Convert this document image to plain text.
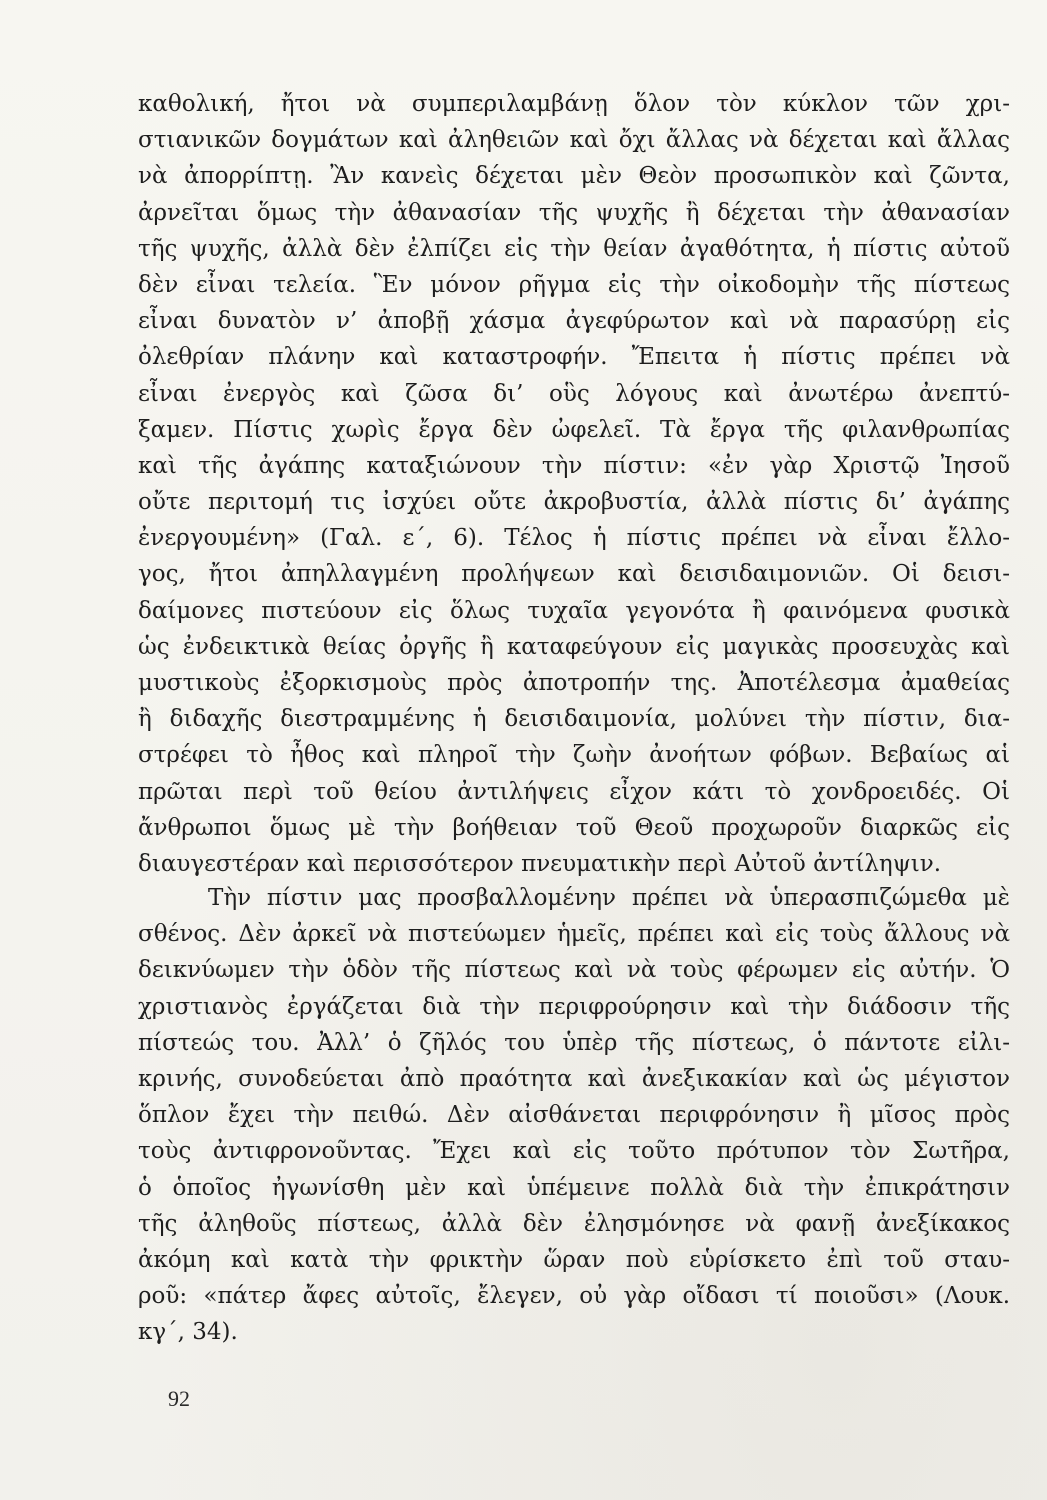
καθολική, ἤτοι νὰ συμπεριλαμβάνῃ ὅλον τὸν κύκλον τῶν χρι-
στιανικῶν δογμάτων καὶ ἀληθειῶν καὶ ὄχι ἄλλας νὰ δέχεται καὶ ἄλλας
νὰ ἀπορρίπτῃ. Ἂν κανεὶς δέχεται μὲν Θεὸν προσωπικὸν καὶ ζῶντα,
ἀρνεῖται ὅμως τὴν ἀθανασίαν τῆς ψυχῆς ἢ δέχεται τὴν ἀθανασίαν
τῆς ψυχῆς, ἀλλὰ δὲν ἐλπίζει εἰς τὴν θείαν ἀγαθότητα, ἡ πίστις αὐτοῦ
δὲν εἶναι τελεία. Ἓν μόνον ρῆγμα εἰς τὴν οἰκοδομὴν τῆς πίστεως
εἶναι δυνατὸν ν’ ἀποβῇ χάσμα ἀγεφύρωτον καὶ νὰ παρασύρῃ εἰς
ὀλεθρίαν πλάνην καὶ καταστροφήν. Ἔπειτα ἡ πίστις πρέπει νὰ
εἶναι ἐνεργὸς καὶ ζῶσα δι’ οὓς λόγους καὶ ἀνωτέρω ἀνεπτύ-
ξαμεν. Πίστις χωρὶς ἔργα δὲν ὠφελεῖ. Τὰ ἔργα τῆς φιλανθρωπίας
καὶ τῆς ἀγάπης καταξιώνουν τὴν πίστιν: «ἐν γὰρ Χριστῷ Ἰησοῦ
οὔτε περιτομή τις ἰσχύει οὔτε ἀκροβυστία, ἀλλὰ πίστις δι’ ἀγάπης
ἐνεργουμένη» (Γαλ. ε΄, 6). Τέλος ἡ πίστις πρέπει νὰ εἶναι ἔλλο-
γος, ἤτοι ἀπηλλαγμένη προλήψεων καὶ δεισιδαιμονιῶν. Οἱ δεισι-
δαίμονες πιστεύουν εἰς ὅλως τυχαῖα γεγονότα ἢ φαινόμενα φυσικὰ
ὡς ἐνδεικτικὰ θείας ὀργῆς ἢ καταφεύγουν εἰς μαγικὰς προσευχὰς καὶ
μυστικοὺς ἐξορκισμοὺς πρὸς ἀποτροπήν της. Ἀποτέλεσμα ἀμαθείας
ἢ διδαχῆς διεστραμμένης ἡ δεισιδαιμονία, μολύνει τὴν πίστιν, δια-
στρέφει τὸ ἦθος καὶ πληροῖ τὴν ζωὴν ἀνοήτων φόβων. Βεβαίως αἱ
πρῶται περὶ τοῦ θείου ἀντιλήψεις εἶχον κάτι τὸ χονδροειδές. Οἱ
ἄνθρωποι ὅμως μὲ τὴν βοήθειαν τοῦ Θεοῦ προχωροῦν διαρκῶς εἰς
διαυγεστέραν καὶ περισσότερον πνευματικὴν περὶ Αὐτοῦ ἀντίληψιν.
Τὴν πίστιν μας προσβαλλομένην πρέπει νὰ ὑπερασπιζώμεθα μὲ
σθένος. Δὲν ἀρκεῖ νὰ πιστεύωμεν ἡμεῖς, πρέπει καὶ εἰς τοὺς ἄλλους νὰ
δεικνύωμεν τὴν ὁδὸν τῆς πίστεως καὶ νὰ τοὺς φέρωμεν εἰς αὐτήν. Ὁ
χριστιανὸς ἐργάζεται διὰ τὴν περιφρούρησιν καὶ τὴν διάδοσιν τῆς
πίστεώς του. Ἀλλ’ ὁ ζῆλός του ὑπὲρ τῆς πίστεως, ὁ πάντοτε εἰλι-
κρινής, συνοδεύεται ἀπὸ πραότητα καὶ ἀνεξικακίαν καὶ ὡς μέγιστον
ὅπλον ἔχει τὴν πειθώ. Δὲν αἰσθάνεται περιφρόνησιν ἢ μῖσος πρὸς
τοὺς ἀντιφρονοῦντας. Ἔχει καὶ εἰς τοῦτο πρότυπον τὸν Σωτῆρα,
ὁ ὁποῖος ἠγωνίσθη μὲν καὶ ὑπέμεινε πολλὰ διὰ τὴν ἐπικράτησιν
τῆς ἀληθοῦς πίστεως, ἀλλὰ δὲν ἐλησμόνησε νὰ φανῇ ἀνεξίκακος
ἀκόμη καὶ κατὰ τὴν φρικτὴν ὥραν ποὺ εὑρίσκετο ἐπὶ τοῦ σταυ-
ροῦ: «πάτερ ἄφες αὐτοῖς, ἔλεγεν, οὐ γὰρ οἴδασι τί ποιοῦσι» (Λουκ.
κγ΄, 34).
92
